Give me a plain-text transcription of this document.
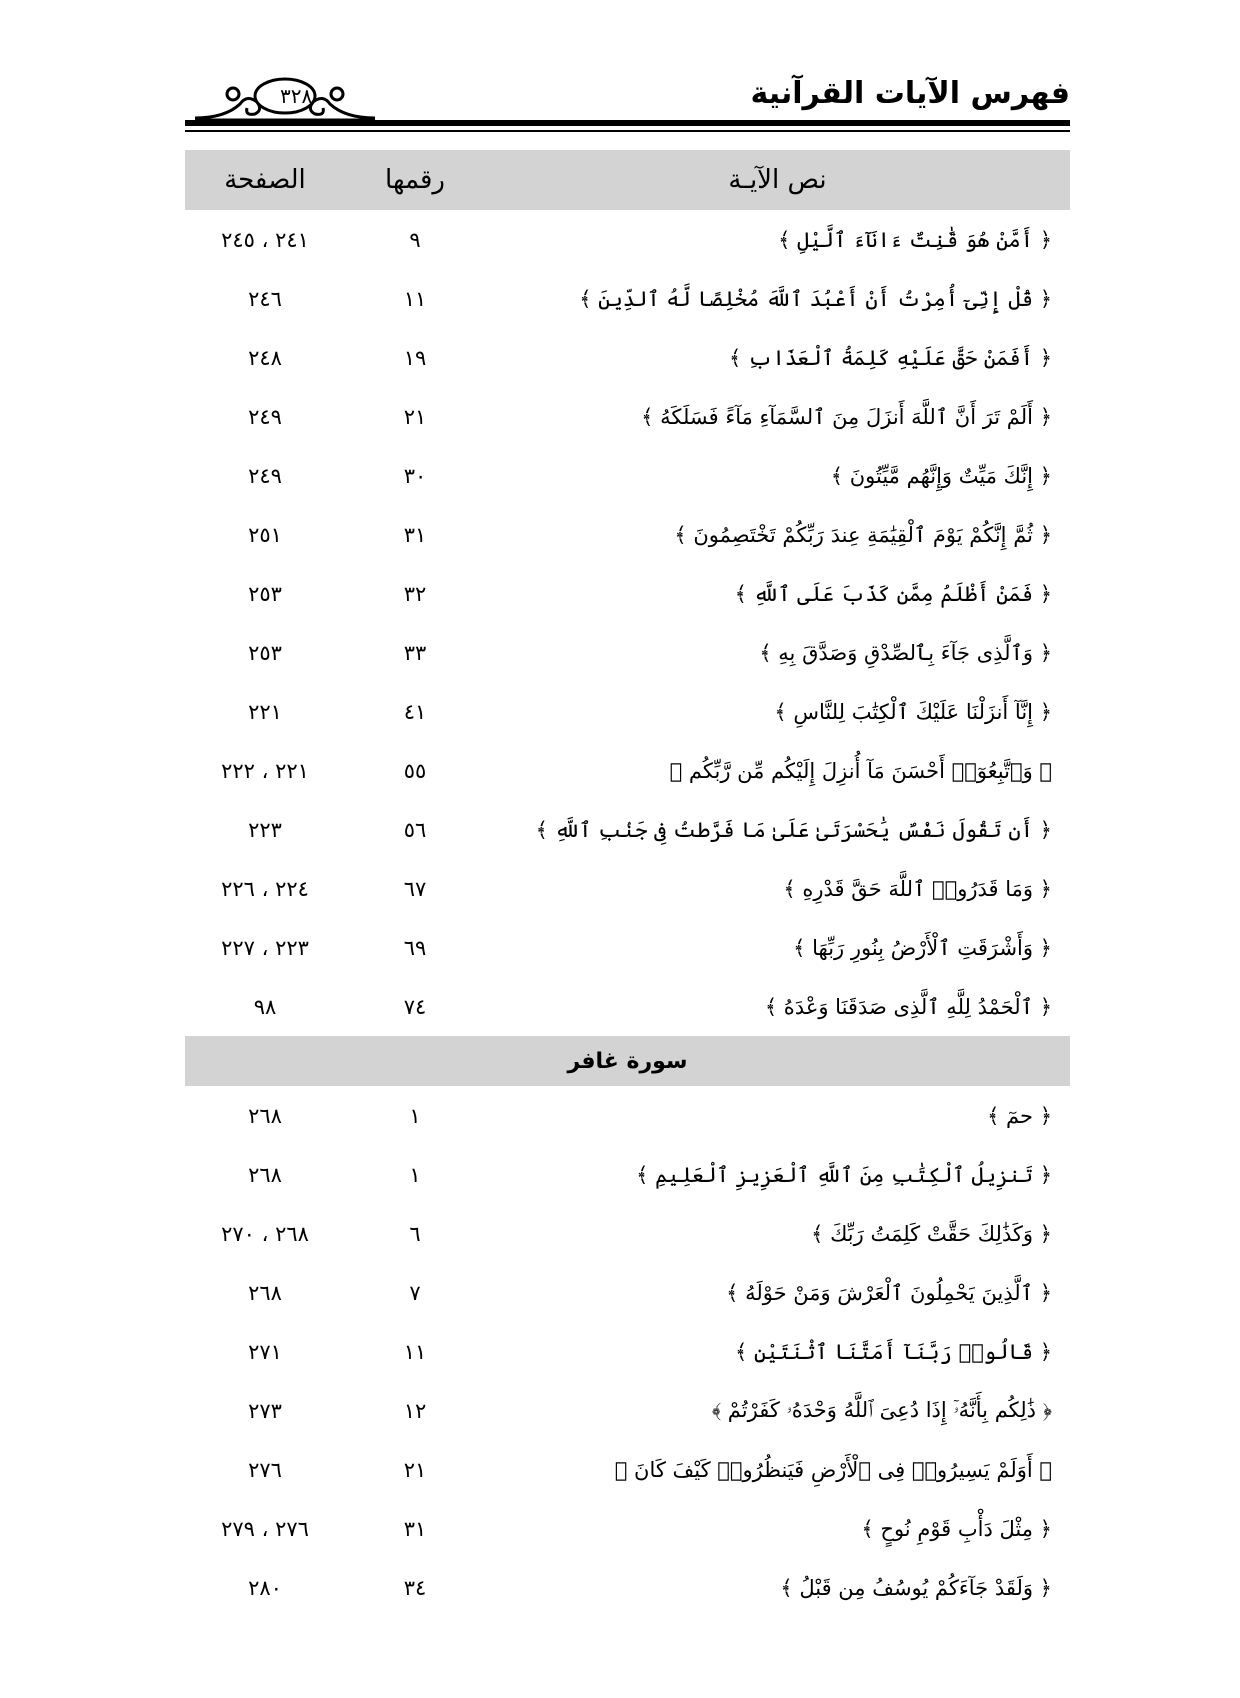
فهرس الآيات القرآنية
٣٢٨
نص الآيـة	رقمها	الصفحة
﴿ أَمَّنْ هُوَ قَٰنِتٌ ءَانَآءَ ٱلَّيْلِ ﴾	٩	٢٤١ ، ٢٤٥
﴿ قُلْ إِنِّىٓ أُمِرْتُ أَنْ أَعْبُدَ ٱللَّهَ مُخْلِصًا لَّهُ ٱلدِّينَ ﴾	١١	٢٤٦
﴿ أَفَمَنْ حَقَّ عَلَيْهِ كَلِمَةُ ٱلْعَذَابِ ﴾	١٩	٢٤٨
﴿ أَلَمْ تَرَ أَنَّ ٱللَّهَ أَنزَلَ مِنَ ٱلسَّمَآءِ مَآءً فَسَلَكَهُ ﴾	٢١	٢٤٩
﴿ إِنَّكَ مَيِّتٌ وَإِنَّهُم مَّيِّتُونَ ﴾	٣٠	٢٤٩
﴿ ثُمَّ إِنَّكُمْ يَوْمَ ٱلْقِيَٰمَةِ عِندَ رَبِّكُمْ تَخْتَصِمُونَ ﴾	٣١	٢٥١
﴿ فَمَنْ أَظْلَمُ مِمَّن كَذَبَ عَلَى ٱللَّهِ ﴾	٣٢	٢٥٣
﴿ وَٱلَّذِى جَآءَ بِٱلصِّدْقِ وَصَدَّقَ بِهِ ﴾	٣٣	٢٥٣
﴿ إِنَّآ أَنزَلْنَا عَلَيْكَ ٱلْكِتَٰبَ لِلنَّاسِ ﴾	٤١	٢٢١
﴿ وَٱتَّبِعُوٓا۟ أَحْسَنَ مَآ أُنزِلَ إِلَيْكُم مِّن رَّبِّكُم ﴾	٥٥	٢٢١ ، ٢٢٢
﴿ أَن تَقُولَ نَفْسٌ يَٰحَسْرَتَىٰ عَلَىٰ مَا فَرَّطتُ فِى جَنۢبِ ٱللَّهِ ﴾	٥٦	٢٢٣
﴿ وَمَا قَدَرُوا۟ ٱللَّهَ حَقَّ قَدْرِهِ ﴾	٦٧	٢٢٤ ، ٢٢٦
﴿ وَأَشْرَقَتِ ٱلْأَرْضُ بِنُورِ رَبِّهَا ﴾	٦٩	٢٢٣ ، ٢٢٧
﴿ ٱلْحَمْدُ لِلَّهِ ٱلَّذِى صَدَقَنَا وَعْدَهُ ﴾	٧٤	٩٨
سورة غافر		
﴿ حمٓ ﴾	١	٢٦٨
﴿ تَنزِيلُ ٱلْكِتَٰبِ مِنَ ٱللَّهِ ٱلْعَزِيزِ ٱلْعَلِيمِ ﴾	١	٢٦٨
﴿ وَكَذَٰلِكَ حَقَّتْ كَلِمَتُ رَبِّكَ ﴾	٦	٢٦٨ ، ٢٧٠
﴿ ٱلَّذِينَ يَحْمِلُونَ ٱلْعَرْشَ وَمَنْ حَوْلَهُ ﴾	٧	٢٦٨
﴿ قَالُوا۟ رَبَّنَآ أَمَتَّنَا ٱثْنَتَيْنِ ﴾	١١	٢٧١
﴿ ذَٰلِكُم بِأَنَّهُۥٓ إِذَا دُعِىَ ٱللَّهُ وَحْدَهُۥ كَفَرْتُمْ ﴾	١٢	٢٧٣
﴿ أَوَلَمْ يَسِيرُوا۟ فِى ٱلْأَرْضِ فَيَنظُرُوا۟ كَيْفَ كَانَ ﴾	٢١	٢٧٦
﴿ مِثْلَ دَأْبِ قَوْمِ نُوحٍ ﴾	٣١	٢٧٦ ، ٢٧٩
﴿ وَلَقَدْ جَآءَكُمْ يُوسُفُ مِن قَبْلُ ﴾	٣٤	٢٨٠
